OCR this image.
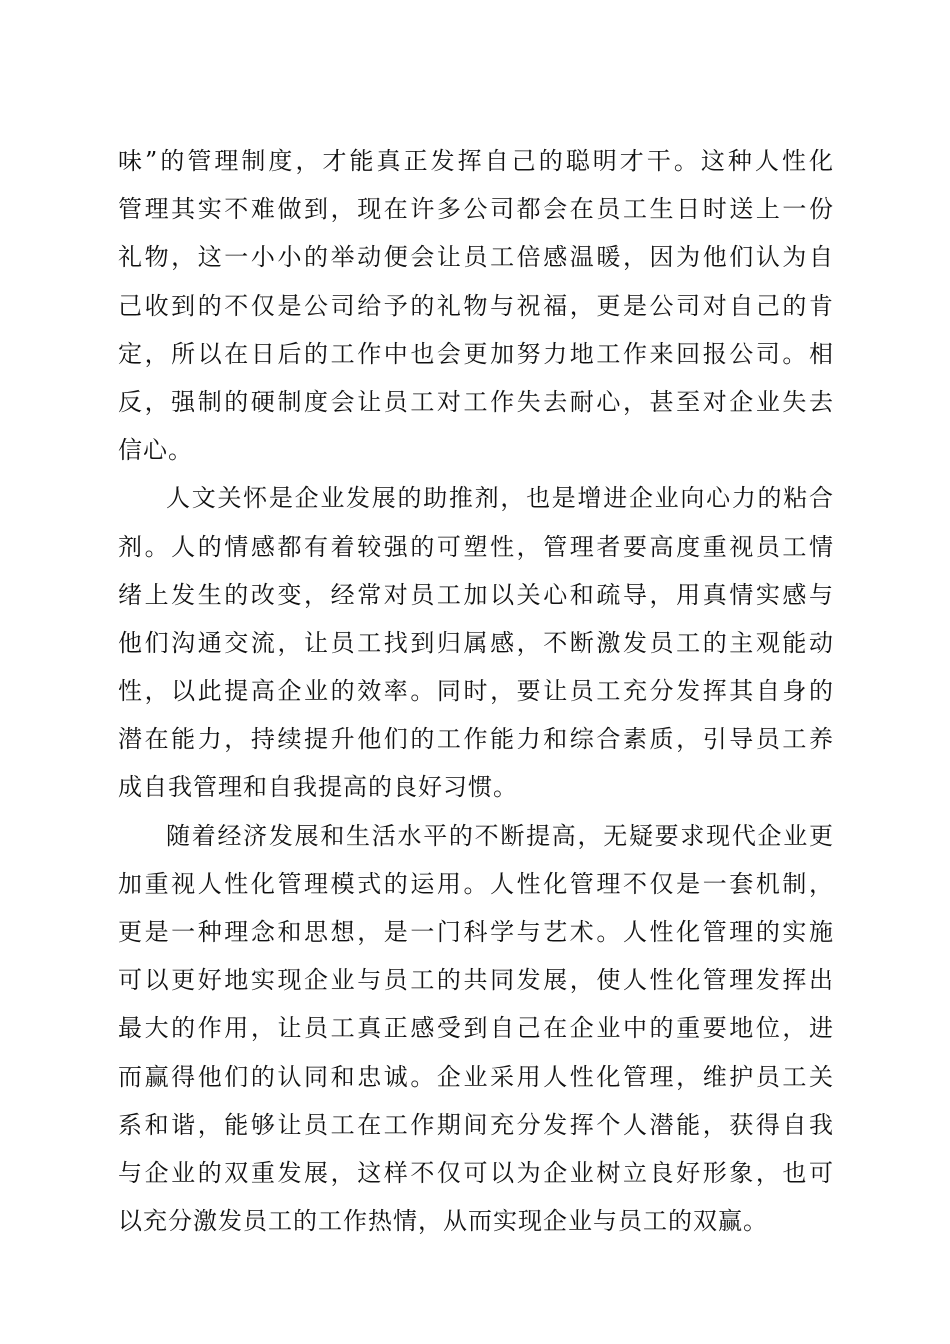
味”的管理制度，才能真正发挥自己的聪明才干。这种人性化
管理其实不难做到，现在许多公司都会在员工生日时送上一份
礼物，这一小小的举动便会让员工倍感温暖，因为他们认为自
己收到的不仅是公司给予的礼物与祝福，更是公司对自己的肯
定，所以在日后的工作中也会更加努力地工作来回报公司。相
反，强制的硬制度会让员工对工作失去耐心，甚至对企业失去
信心。
人文关怀是企业发展的助推剂，也是增进企业向心力的粘合
剂。人的情感都有着较强的可塑性，管理者要高度重视员工情
绪上发生的改变，经常对员工加以关心和疏导，用真情实感与
他们沟通交流，让员工找到归属感，不断激发员工的主观能动
性，以此提高企业的效率。同时，要让员工充分发挥其自身的
潜在能力，持续提升他们的工作能力和综合素质，引导员工养
成自我管理和自我提高的良好习惯。
随着经济发展和生活水平的不断提高，无疑要求现代企业更
加重视人性化管理模式的运用。人性化管理不仅是一套机制，
更是一种理念和思想，是一门科学与艺术。人性化管理的实施
可以更好地实现企业与员工的共同发展，使人性化管理发挥出
最大的作用，让员工真正感受到自己在企业中的重要地位，进
而赢得他们的认同和忠诚。企业采用人性化管理，维护员工关
系和谐，能够让员工在工作期间充分发挥个人潜能，获得自我
与企业的双重发展，这样不仅可以为企业树立良好形象，也可
以充分激发员工的工作热情，从而实现企业与员工的双赢。
